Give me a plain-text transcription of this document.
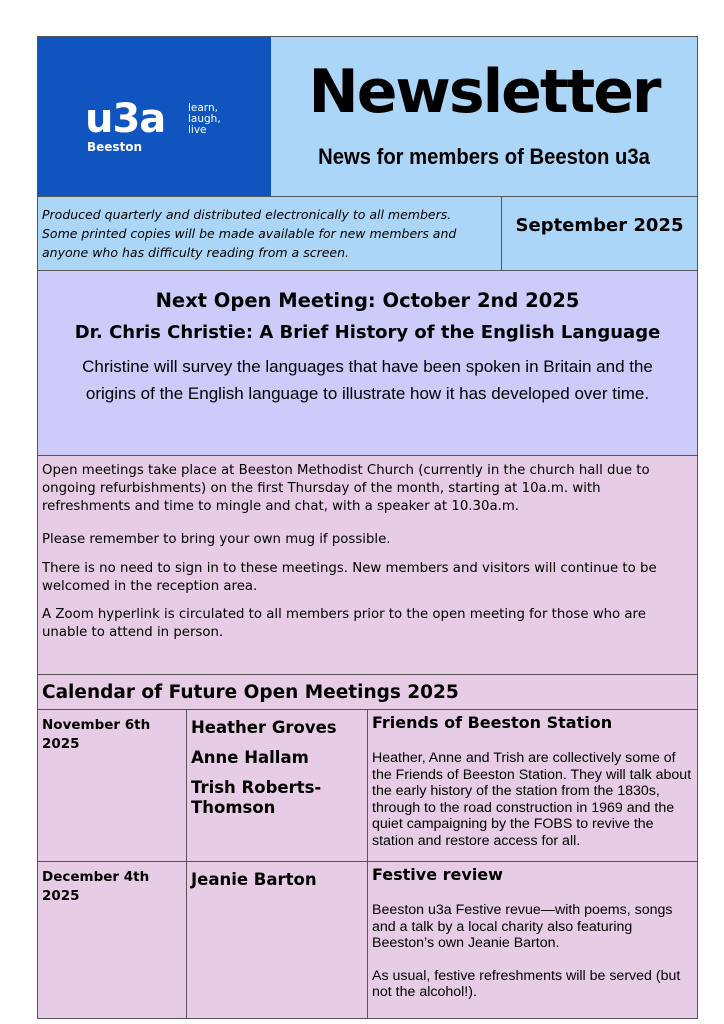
u3a learn,
laugh,
live
Beeston
Newsletter
News for members of Beeston u3a
Produced quarterly and distributed electronically to all members.
Some printed copies will be made available for new members and anyone who has difficulty reading from a screen.
September 2025
Next Open Meeting: October 2nd 2025
Dr. Chris Christie: A Brief History of the English Language
Christine will survey the languages that have been spoken in Britain and the origins of the English language to illustrate how it has developed over time.

Open meetings take place at Beeston Methodist Church (currently in the church hall due to ongoing refurbishments) on the first Thursday of the month, starting at 10a.m. with refreshments and time to mingle and chat, with a speaker at 10.30a.m.

Please remember to bring your own mug if possible.

There is no need to sign in to these meetings. New members and visitors will continue to be welcomed in the reception area.

A Zoom hyperlink is circulated to all members prior to the open meeting for those who are unable to attend in person.

Calendar of Future Open Meetings 2025
November 6th 2025
Heather Groves
Anne Hallam
Trish Roberts-Thomson
Friends of Beeston Station
Heather, Anne and Trish are collectively some of the Friends of Beeston Station. They will talk about the early history of the station from the 1830s, through to the road construction in 1969 and the quiet campaigning by the FOBS to revive the station and restore access for all.
December 4th 2025
Jeanie Barton	Festive review
Beeston u3a Festive revue—with poems, songs and a talk by a local charity also featuring Beeston’s own Jeanie Barton.
As usual, festive refreshments will be served (but not the alcohol!).
